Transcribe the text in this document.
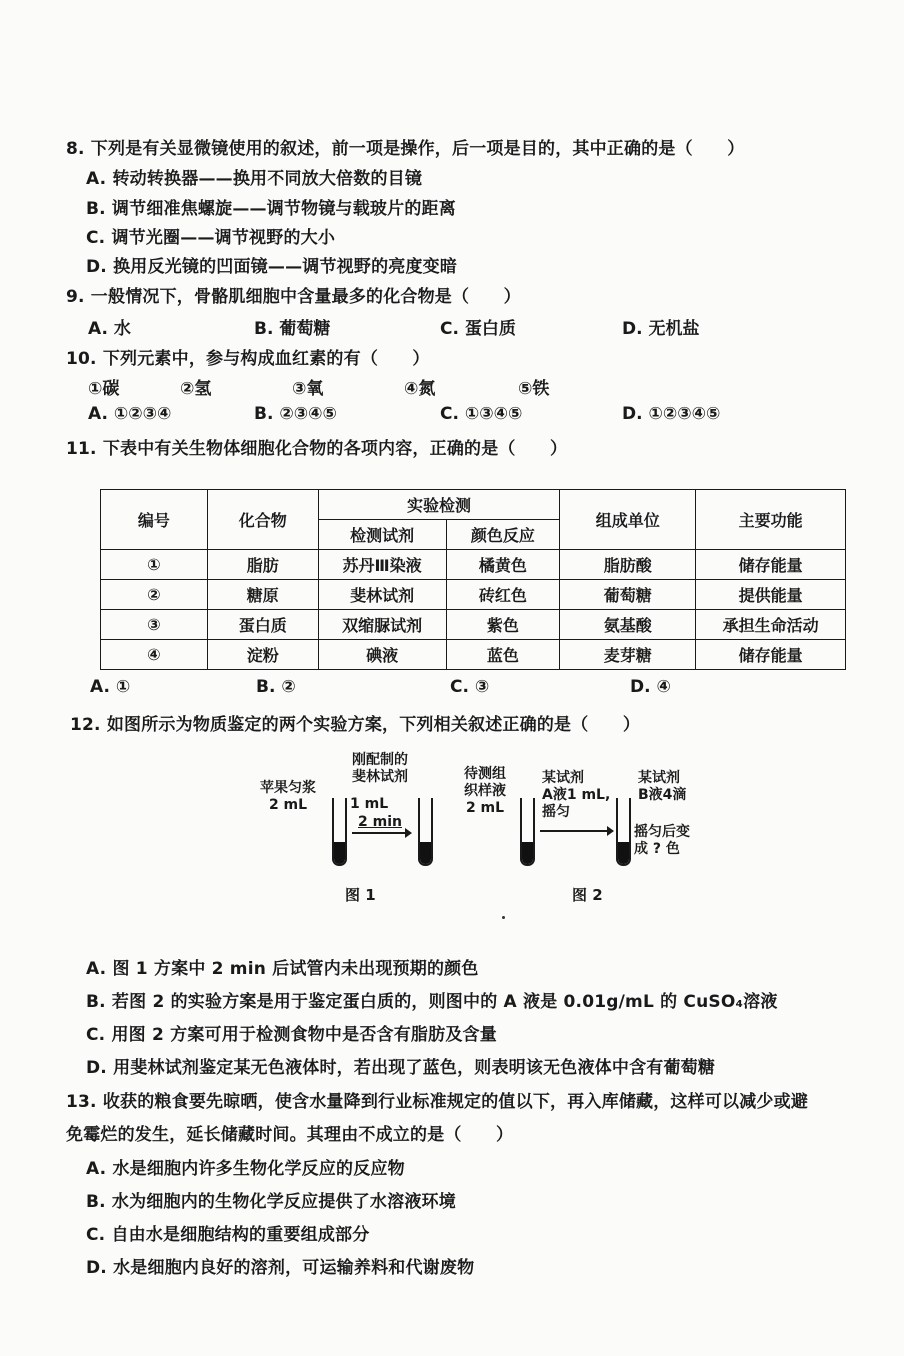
8. 下列是有关显微镜使用的叙述，前一项是操作，后一项是目的，其中正确的是（　　）
A. 转动转换器——换用不同放大倍数的目镜
B. 调节细准焦螺旋——调节物镜与载玻片的距离
C. 调节光圈——调节视野的大小
D. 换用反光镜的凹面镜——调节视野的亮度变暗
9. 一般情况下，骨骼肌细胞中含量最多的化合物是（　　）
A. 水	B. 葡萄糖	C. 蛋白质	D. 无机盐
10. 下列元素中，参与构成血红素的有（　　）
①碳	②氢	③氧	④氮	⑤铁
A. ①②③④	B. ②③④⑤	C. ①③④⑤	D. ①②③④⑤
11. 下表中有关生物体细胞化合物的各项内容，正确的是（　　）
编号	化合物	实验检测		组成单位	主要功能
		检测试剂	颜色反应		
①	脂肪	苏丹Ⅲ染液	橘黄色	脂肪酸	储存能量
②	糖原	斐林试剂	砖红色	葡萄糖	提供能量
③	蛋白质	双缩脲试剂	紫色	氨基酸	承担生命活动
④	淀粉	碘液	蓝色	麦芽糖	储存能量
A. ①	B. ②	C. ③	D. ④
12. 如图所示为物质鉴定的两个实验方案，下列相关叙述正确的是（　　）
苹果匀浆
2 mL
刚配制的
斐林试剂
1 mL
2 min
图 1
待测组
织样液
2 mL
某试剂
A液1 mL,
摇匀
某试剂
B液4滴
摇匀后变
成 ? 色
图 2
A. 图 1 方案中 2 min 后试管内未出现预期的颜色
B. 若图 2 的实验方案是用于鉴定蛋白质的，则图中的 A 液是 0.01g/mL 的 CuSO₄溶液
C. 用图 2 方案可用于检测食物中是否含有脂肪及含量
D. 用斐林试剂鉴定某无色液体时，若出现了蓝色，则表明该无色液体中含有葡萄糖
13. 收获的粮食要先晾晒，使含水量降到行业标准规定的值以下，再入库储藏，这样可以减少或避
免霉烂的发生，延长储藏时间。其理由不成立的是（　　）
A. 水是细胞内许多生物化学反应的反应物
B. 水为细胞内的生物化学反应提供了水溶液环境
C. 自由水是细胞结构的重要组成部分
D. 水是细胞内良好的溶剂，可运输养料和代谢废物
